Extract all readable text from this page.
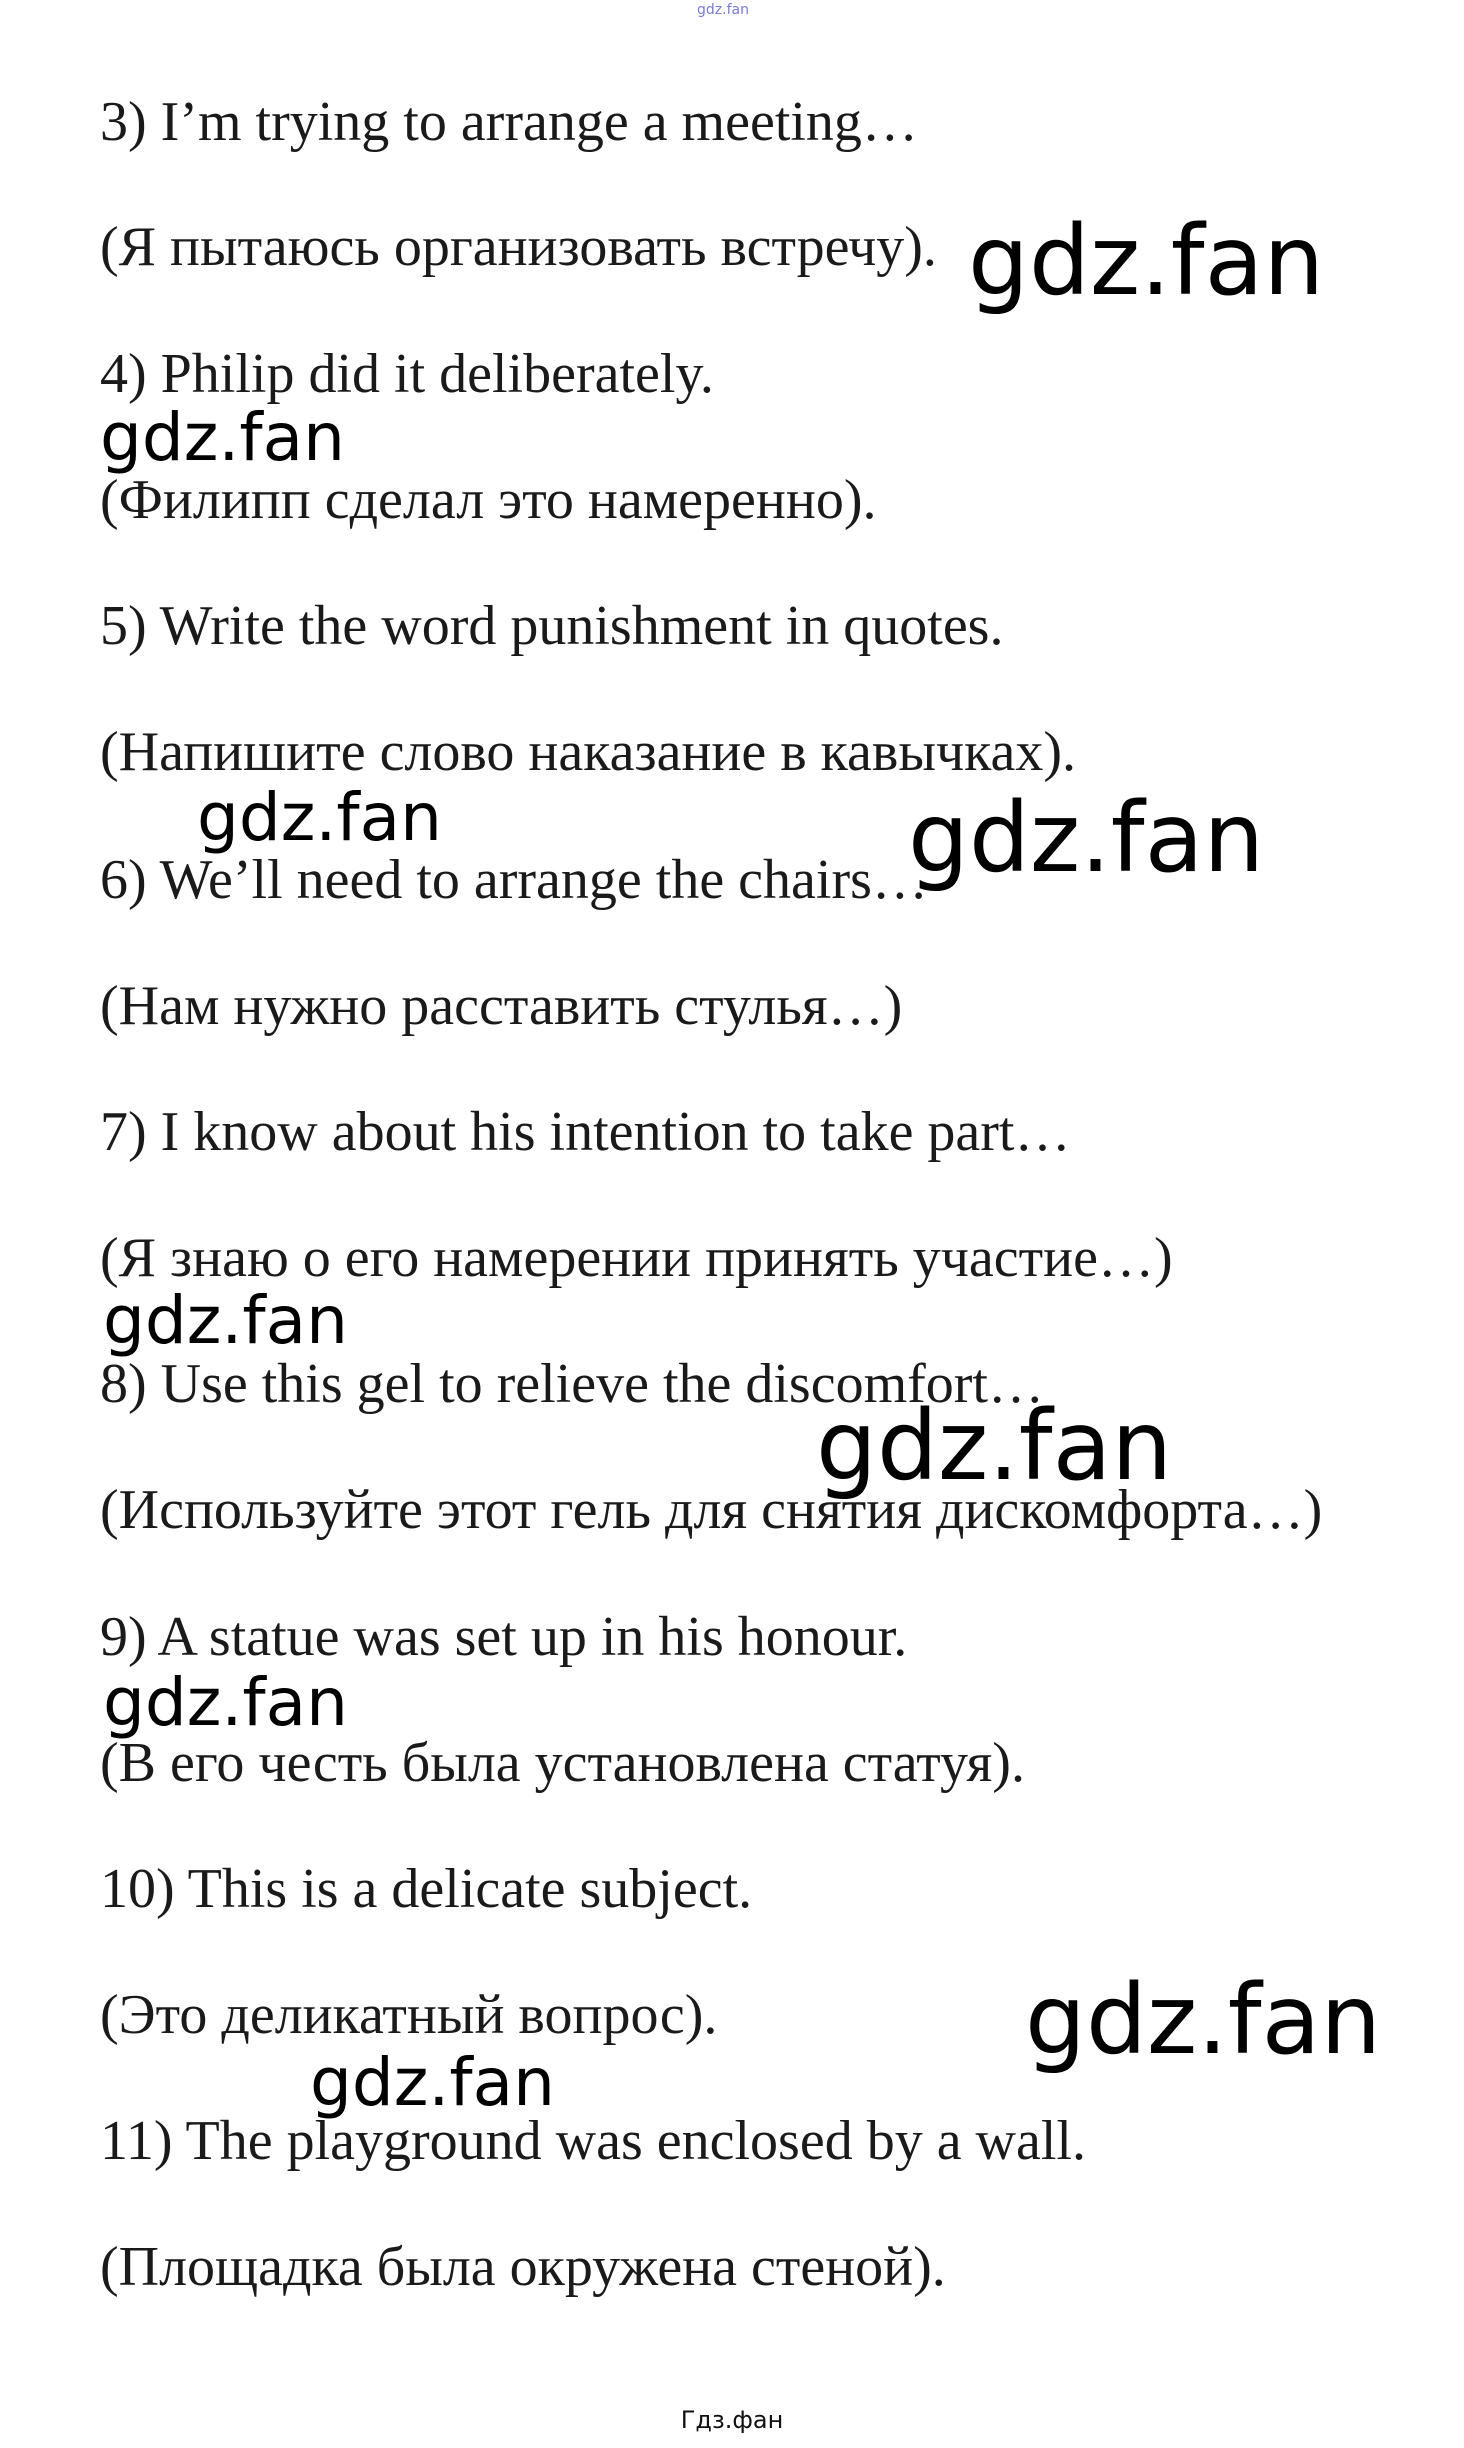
gdz.fan

3) I’m trying to arrange a meeting…

(Я пытаюсь организовать встречу).

4) Philip did it deliberately.

(Филипп сделал это намеренно).

5) Write the word punishment in quotes.

(Напишите слово наказание в кавычках).

6) We’ll need to arrange the chairs…

(Нам нужно расставить стулья…)

7) I know about his intention to take part…

(Я знаю о его намерении принять участие…)

8) Use this gel to relieve the discomfort…

(Используйте этот гель для снятия дискомфорта…)

9) A statue was set up in his honour.

(В его честь была установлена статуя).

10) This is a delicate subject.

(Это деликатный вопрос).

11) The playground was enclosed by a wall.

(Площадка была окружена стеной).

gdz.fan
gdz.fan
gdz.fan	gdz.fan
gdz.fan
gdz.fan
gdz.fan
gdz.fan
gdz.fan
Гдз.фан
